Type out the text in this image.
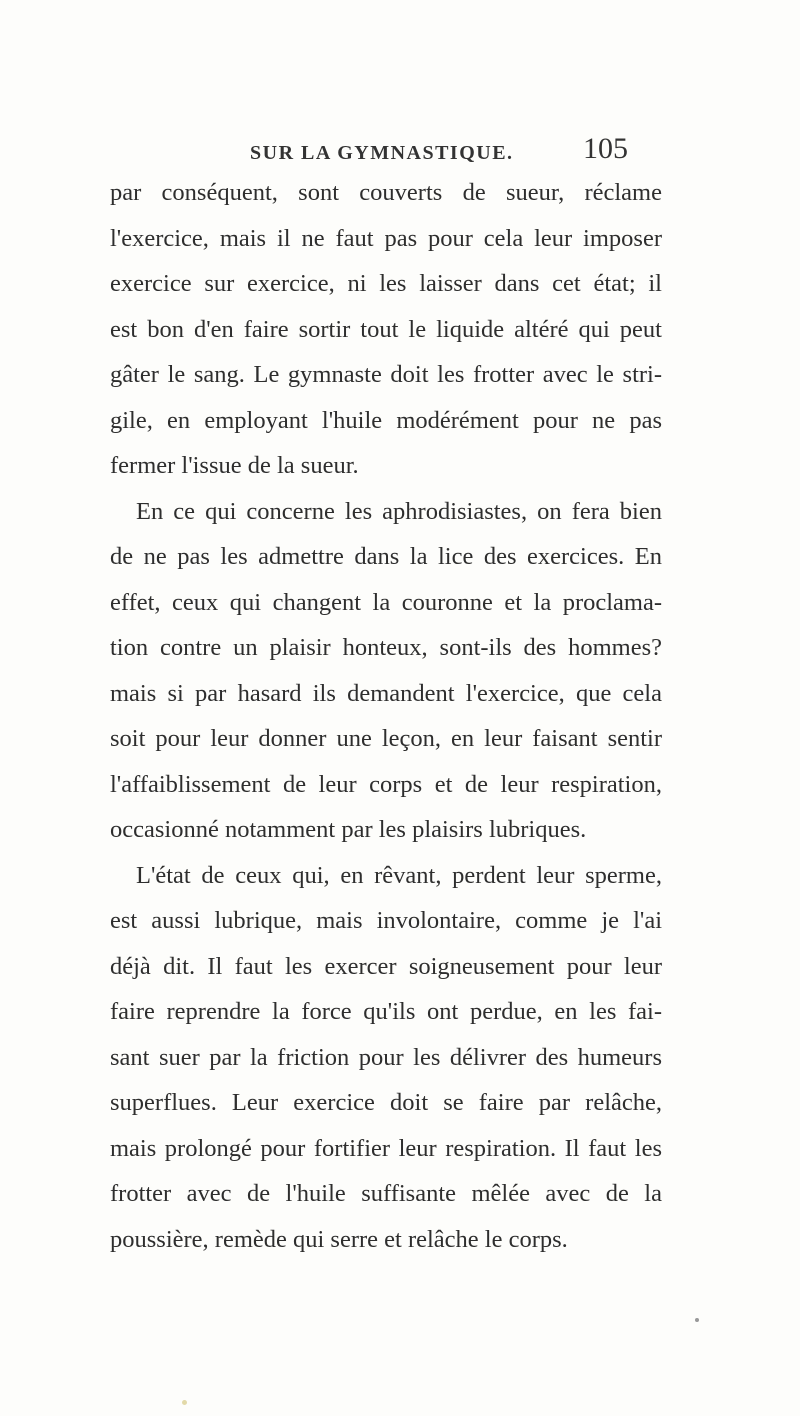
SUR LA GYMNASTIQUE. 105
par conséquent, sont couverts de sueur, réclame
l'exercice, mais il ne faut pas pour cela leur imposer
exercice sur exercice, ni les laisser dans cet état; il
est bon d'en faire sortir tout le liquide altéré qui peut
gâter le sang. Le gymnaste doit les frotter avec le stri-
gile, en employant l'huile modérément pour ne pas
fermer l'issue de la sueur.
En ce qui concerne les aphrodisiastes, on fera bien
de ne pas les admettre dans la lice des exercices. En
effet, ceux qui changent la couronne et la proclama-
tion contre un plaisir honteux, sont-ils des hommes?
mais si par hasard ils demandent l'exercice, que cela
soit pour leur donner une leçon, en leur faisant sentir
l'affaiblissement de leur corps et de leur respiration,
occasionné notamment par les plaisirs lubriques.
L'état de ceux qui, en rêvant, perdent leur sperme,
est aussi lubrique, mais involontaire, comme je l'ai
déjà dit. Il faut les exercer soigneusement pour leur
faire reprendre la force qu'ils ont perdue, en les fai-
sant suer par la friction pour les délivrer des humeurs
superflues. Leur exercice doit se faire par relâche,
mais prolongé pour fortifier leur respiration. Il faut les
frotter avec de l'huile suffisante mêlée avec de la
poussière, remède qui serre et relâche le corps.
